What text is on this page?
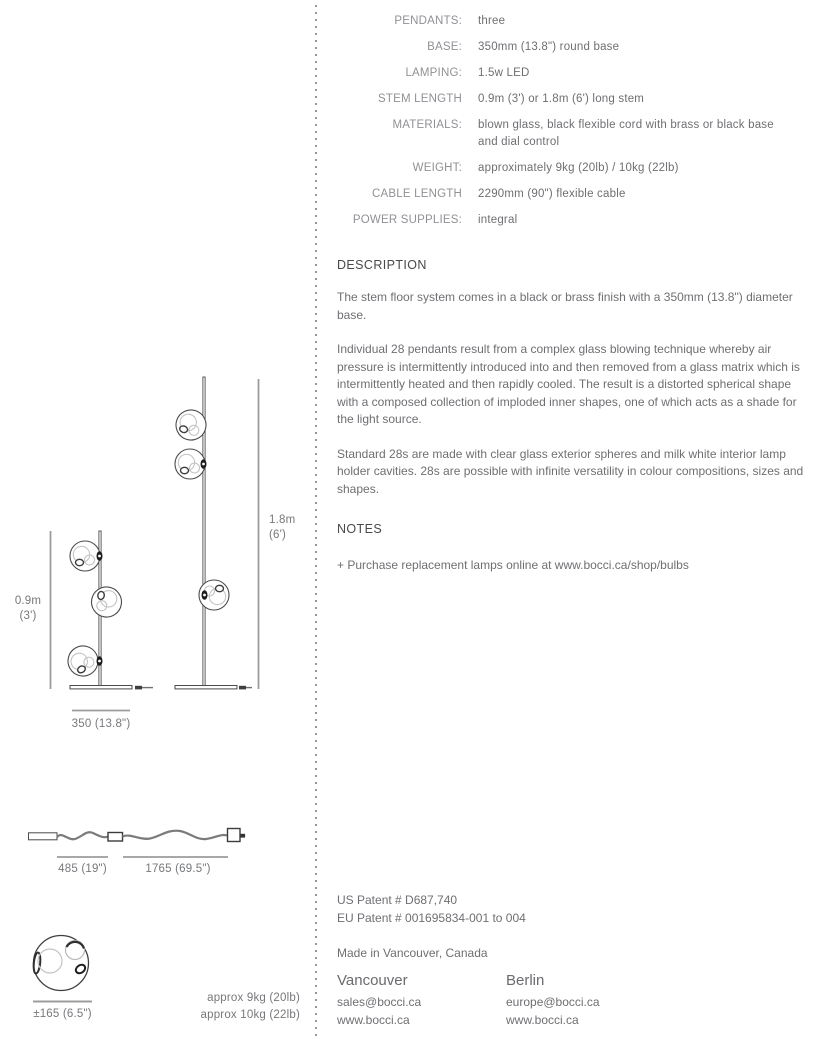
0.9m
(3')
1.8m
(6')
350 (13.8")
485 (19")	1765 (69.5")
±165 (6.5")
approx 9kg (20lb)
approx 10kg (22lb)
PENDANTS: three
BASE: 350mm (13.8") round base
LAMPING: 1.5w LED
STEM LENGTH 0.9m (3') or 1.8m (6') long stem
MATERIALS: blown glass, black flexible cord with brass or black base and dial control
WEIGHT: approximately 9kg (20lb) / 10kg (22lb)
CABLE LENGTH 2290mm (90") flexible cable
POWER SUPPLIES: integral
DESCRIPTION

The stem floor system comes in a black or brass finish with a 350mm (13.8") diameter base.

Individual 28 pendants result from a complex glass blowing technique whereby air pressure is intermittently introduced into and then removed from a glass matrix which is intermittently heated and then rapidly cooled. The result is a distorted spherical shape with a composed collection of imploded inner shapes, one of which acts as a shade for the light source.

Standard 28s are made with clear glass exterior spheres and milk white interior lamp holder cavities. 28s are possible with infinite versatility in colour compositions, sizes and shapes.

NOTES
+ Purchase replacement lamps online at www.bocci.ca/shop/bulbs
US Patent # D687,740
EU Patent # 001695834-001 to 004
Made in Vancouver, Canada
Vancouver
sales@bocci.ca
www.bocci.ca
Berlin
europe@bocci.ca
www.bocci.ca
